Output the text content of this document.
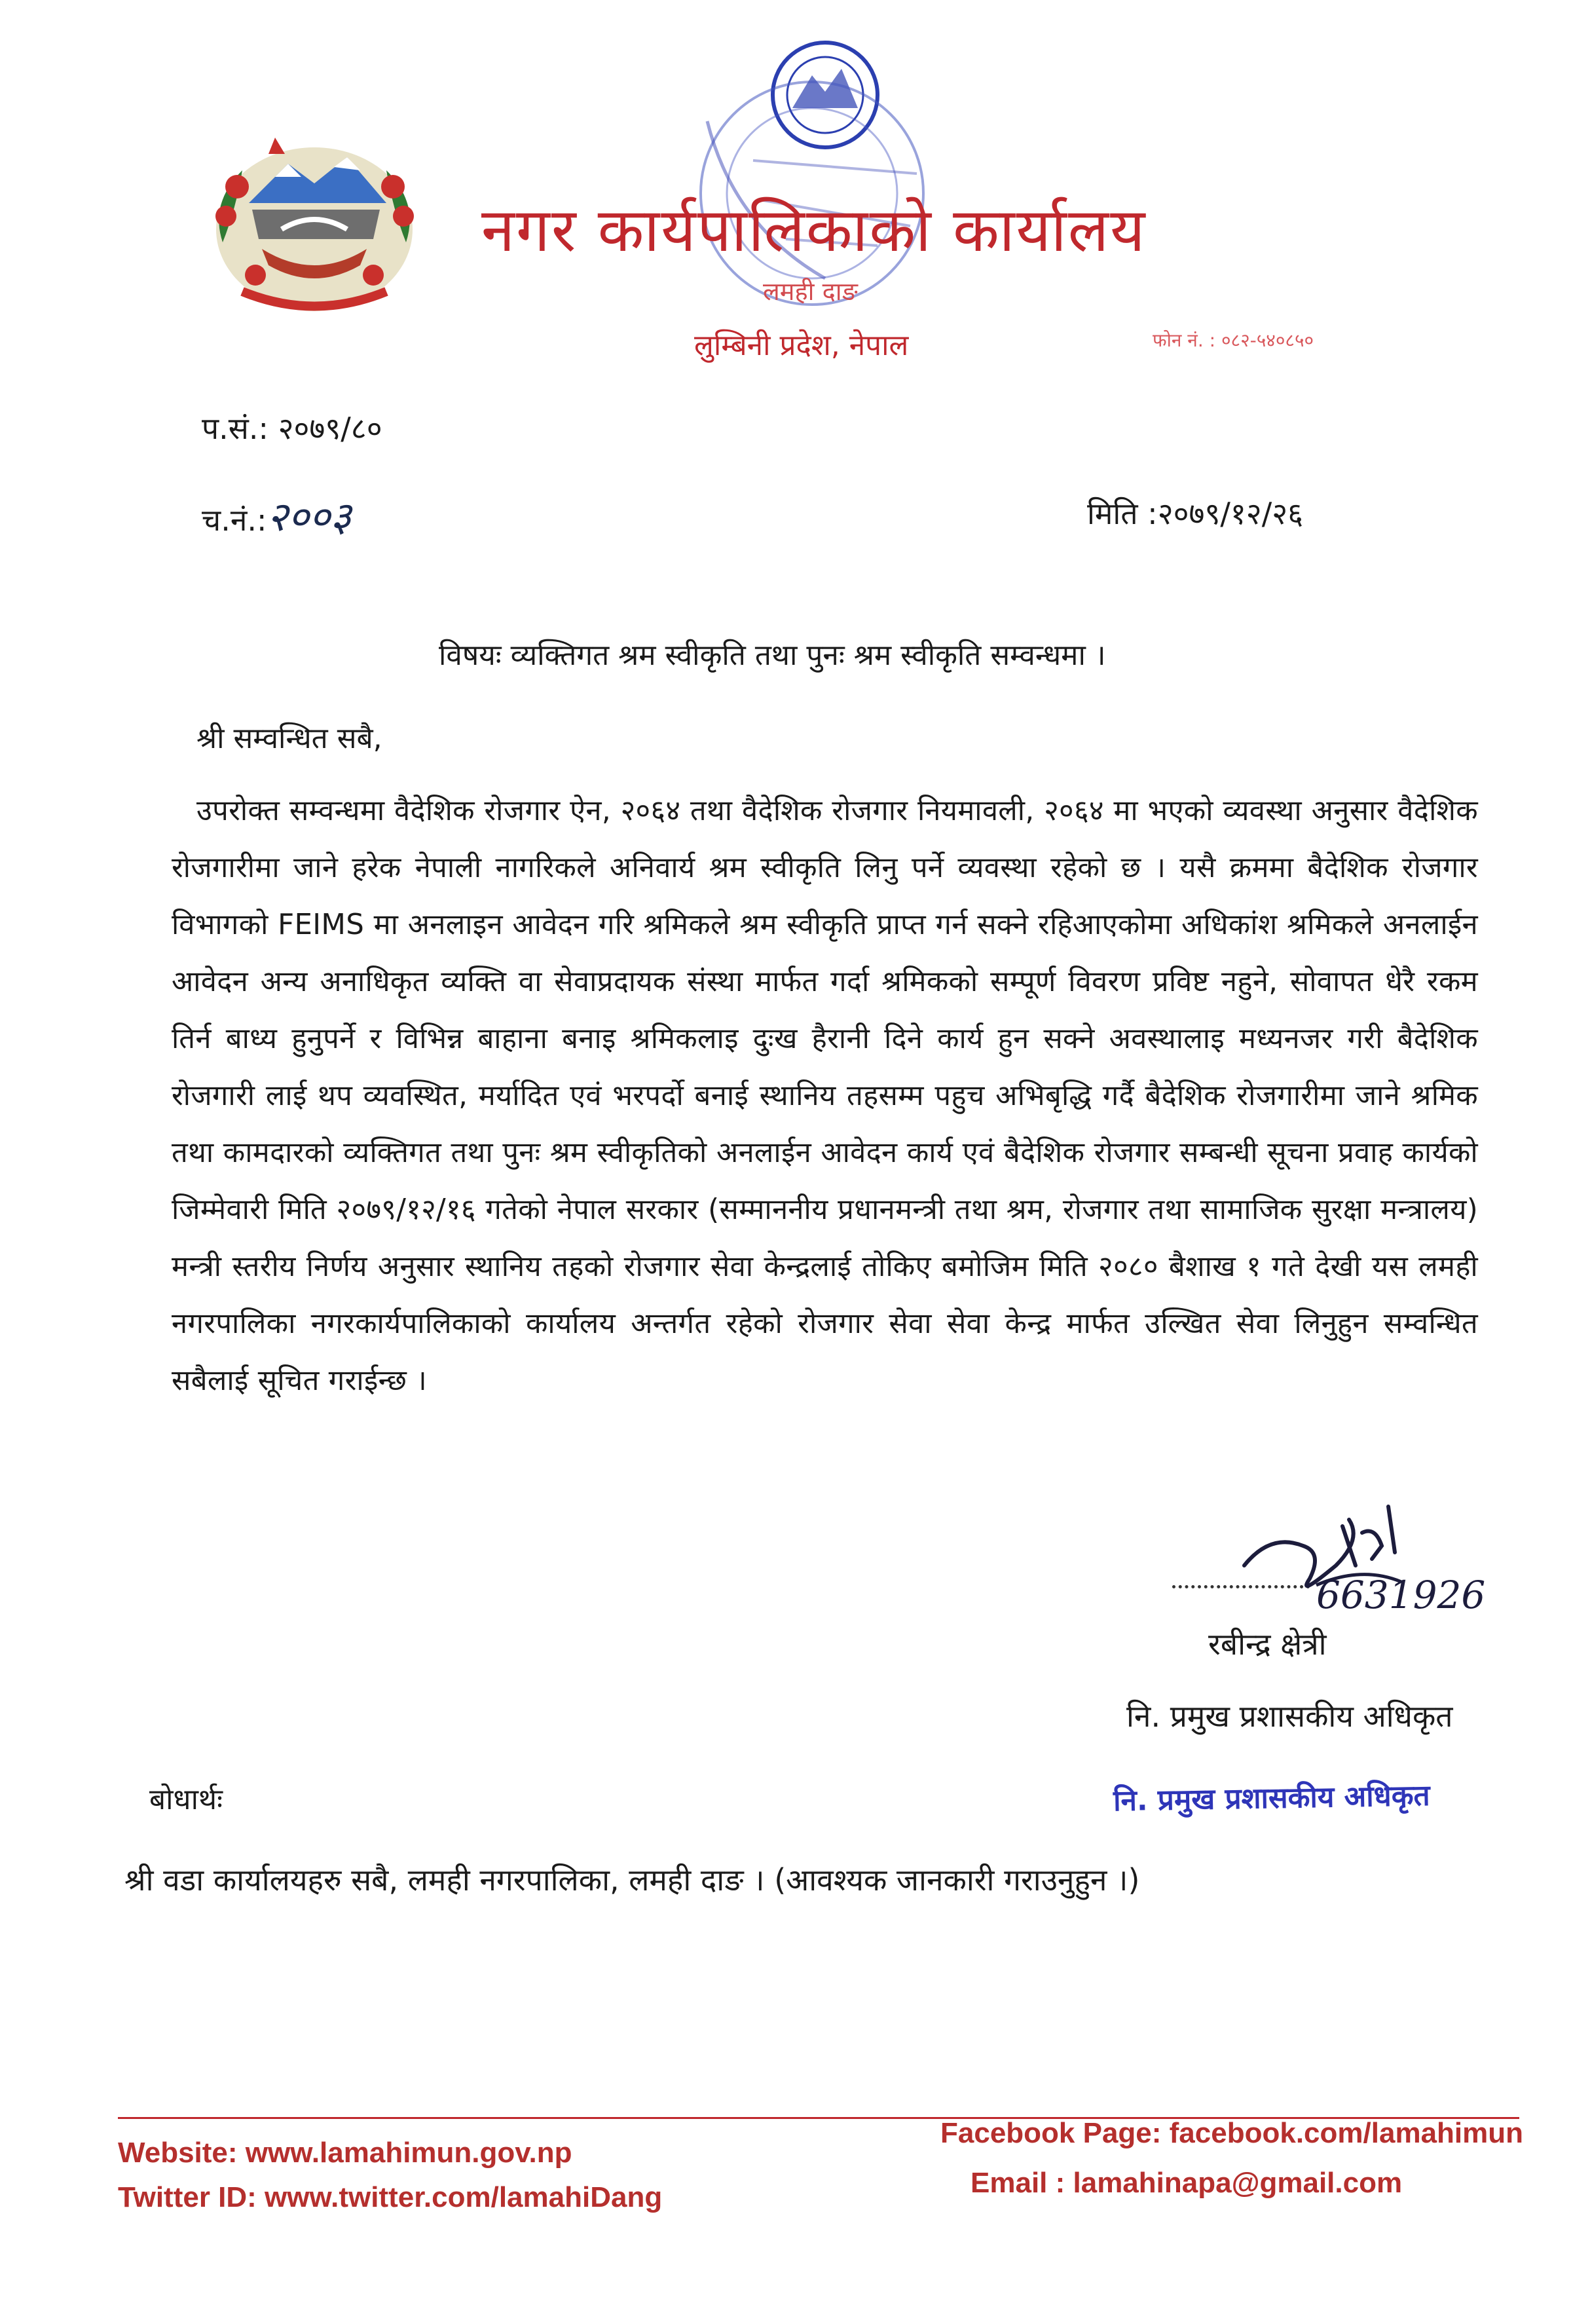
नगर कार्यपालिकाको कार्यालय
लमही दाङ
लुम्बिनी प्रदेश, नेपाल	फोन नं. : ०८२-५४०८५०
प.सं.: २०७९/८०
च.नं.:२००३	मिति :२०७९/१२/२६
विषयः व्यक्तिगत श्रम स्वीकृति तथा पुनः श्रम स्वीकृति सम्वन्धमा ।
श्री सम्वन्धित सबै,
उपरोक्त सम्वन्धमा वैदेशिक रोजगार ऐन, २०६४ तथा वैदेशिक रोजगार नियमावली, २०६४ मा भएको व्यवस्था अनुसार वैदेशिक रोजगारीमा जाने हरेक नेपाली नागरिकले अनिवार्य श्रम स्वीकृति लिनु पर्ने व्यवस्था रहेको छ । यसै क्रममा बैदेशिक रोजगार विभागको FEIMS मा अनलाइन आवेदन गरि श्रमिकले श्रम स्वीकृति प्राप्त गर्न सक्ने रहिआएकोमा अधिकांश श्रमिकले अनलाईन आवेदन अन्य अनाधिकृत व्यक्ति वा सेवाप्रदायक संस्था मार्फत गर्दा श्रमिकको सम्पूर्ण विवरण प्रविष्ट नहुने, सोवापत धेरै रकम तिर्न बाध्य हुनुपर्ने र विभिन्न बाहाना बनाइ श्रमिकलाइ दुःख हैरानी दिने कार्य हुन सक्ने अवस्थालाइ मध्यनजर गरी बैदेशिक रोजगारी लाई थप व्यवस्थित, मर्यादित एवं भरपर्दो बनाई स्थानिय तहसम्म पहुच अभिबृद्धि गर्दै बैदेशिक रोजगारीमा जाने श्रमिक तथा कामदारको व्यक्तिगत तथा पुनः श्रम स्वीकृतिको अनलाईन आवेदन कार्य एवं बैदेशिक रोजगार सम्बन्धी सूचना प्रवाह कार्यको जिम्मेवारी मिति २०७९/१२/१६ गतेको नेपाल सरकार (सम्माननीय प्रधानमन्त्री तथा श्रम, रोजगार तथा सामाजिक सुरक्षा मन्त्रालय) मन्त्री स्तरीय निर्णय अनुसार स्थानिय तहको रोजगार सेवा केन्द्रलाई तोकिए बमोजिम मिति २०८० बैशाख १ गते देखी यस लमही नगरपालिका नगरकार्यपालिकाको कार्यालय अन्तर्गत रहेको रोजगार सेवा सेवा केन्द्र मार्फत उल्खित सेवा लिनुहुन सम्वन्धित सबैलाई सूचित गराईन्छ ।
6631926
रबीन्द्र क्षेत्री
नि. प्रमुख प्रशासकीय अधिकृत
नि. प्रमुख प्रशासकीय अधिकृत
बोधार्थः
श्री वडा कार्यालयहरु सबै, लमही नगरपालिका, लमही दाङ । (आवश्यक जानकारी गराउनुहुन ।)
Website: www.lamahimun.gov.np
Twitter ID: www.twitter.com/lamahiDang
Facebook Page: facebook.com/lamahimun
Email : lamahinapa@gmail.com
